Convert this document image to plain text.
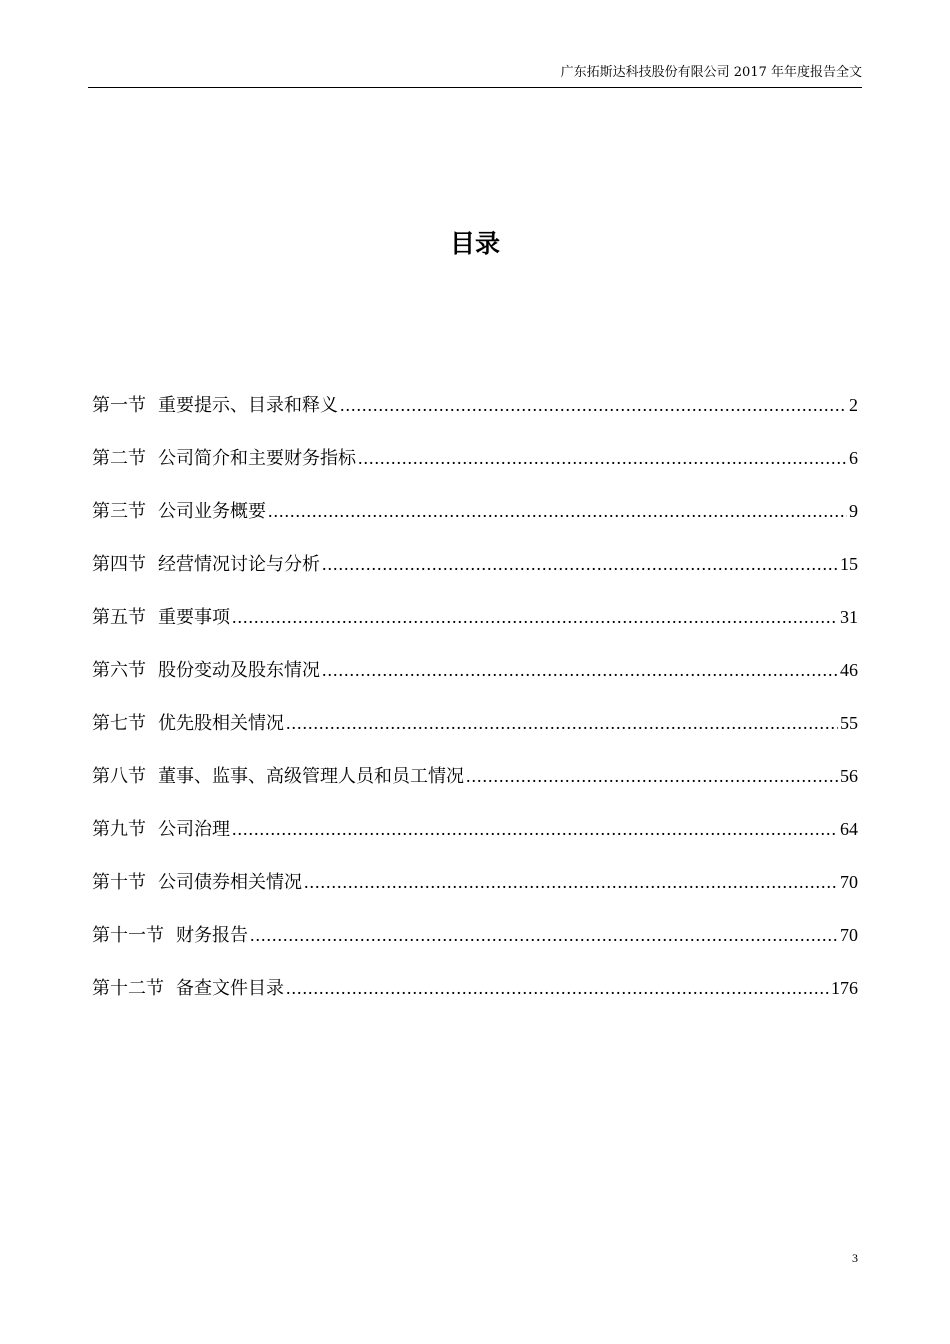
广东拓斯达科技股份有限公司 2017 年年度报告全文
目录
第一节 重要提示、目录和释义 .....	2
第二节 公司简介和主要财务指标 .....	6
第三节 公司业务概要 .....	9
第四节 经营情况讨论与分析 .....	15
第五节 重要事项 .....	31
第六节 股份变动及股东情况 .....	46
第七节 优先股相关情况 .....	55
第八节 董事、监事、高级管理人员和员工情况 .....	56
第九节 公司治理 .....	64
第十节 公司债券相关情况 .....	70
第十一节 财务报告 .....	70
第十二节 备查文件目录 .....	176
3
